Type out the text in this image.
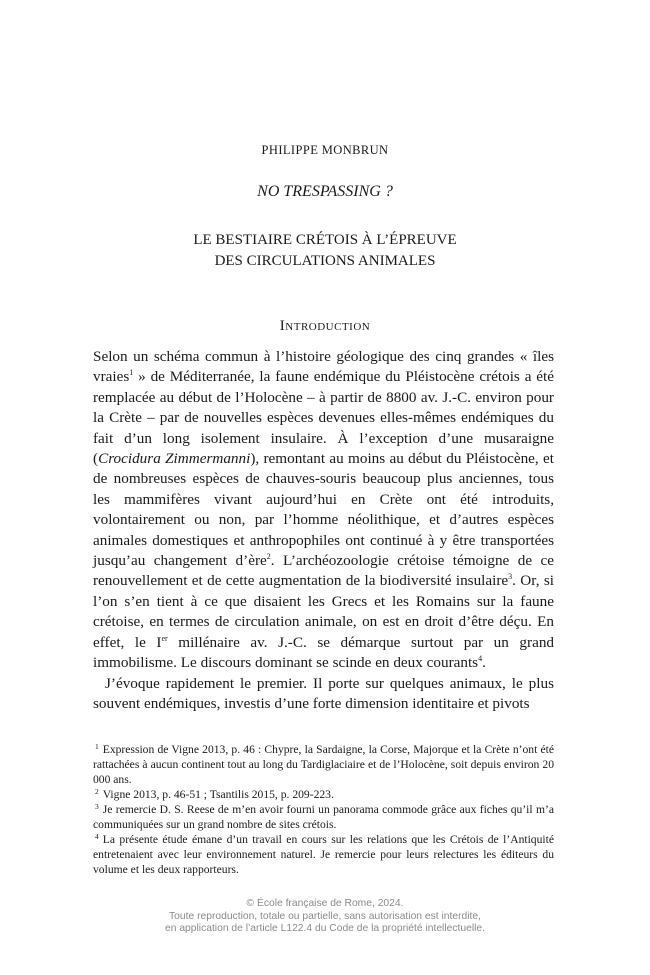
PHILIPPE MONBRUN
NO TRESPASSING ?
LE BESTIAIRE CRÉTOIS À L’ÉPREUVE
DES CIRCULATIONS ANIMALES
Introduction

Selon un schéma commun à l’histoire géologique des cinq grandes « îles vraies$^1$ » de Méditerranée, la faune endémique du Pléistocène crétois a été remplacée au début de l’Holocène – à partir de 8800 av. J.-C. environ pour la Crète – par de nouvelles espèces devenues elles-mêmes endémiques du fait d’un long isolement insulaire. À l’exception d’une musaraigne (Crocidura Zimmermanni), remontant au moins au début du Pléistocène, et de nombreuses espèces de chauves-souris beaucoup plus anciennes, tous les mammifères vivant aujourd’hui en Crète ont été introduits, volontairement ou non, par l’homme néolithique, et d’autres espèces animales domestiques et anthropophiles ont continué à y être transportées jusqu’au changement d’ère$^2$. L’archéozoologie crétoise témoigne de ce renouvellement et de cette augmentation de la biodiversité insulaire$^3$. Or, si l’on s’en tient à ce que disaient les Grecs et les Romains sur la faune crétoise, en termes de circulation animale, on est en droit d’être déçu. En effet, le Ier millénaire av. J.-C. se démarque surtout par un grand immobilisme. Le discours dominant se scinde en deux courants$^4$.

J’évoque rapidement le premier. Il porte sur quelques animaux, le plus souvent endémiques, investis d’une forte dimension identitaire et pivots

$^1$ Expression de Vigne 2013, p. 46 : Chypre, la Sardaigne, la Corse, Majorque et la Crète n’ont été rattachées à aucun continent tout au long du Tardiglaciaire et de l’Holocène, soit depuis environ 20 000 ans.

$^2$ Vigne 2013, p. 46-51 ; Tsantilis 2015, p. 209-223.

$^3$ Je remercie D. S. Reese de m’en avoir fourni un panorama commode grâce aux fiches qu’il m’a communiquées sur un grand nombre de sites crétois.

$^4$ La présente étude émane d’un travail en cours sur les relations que les Crétois de l’Antiquité entretenaient avec leur environnement naturel. Je remercie pour leurs relectures les éditeurs du volume et les deux rapporteurs.

© École française de Rome, 2024.
Toute reproduction, totale ou partielle, sans autorisation est interdite,
en application de l’article L122.4 du Code de la propriété intellectuelle.
